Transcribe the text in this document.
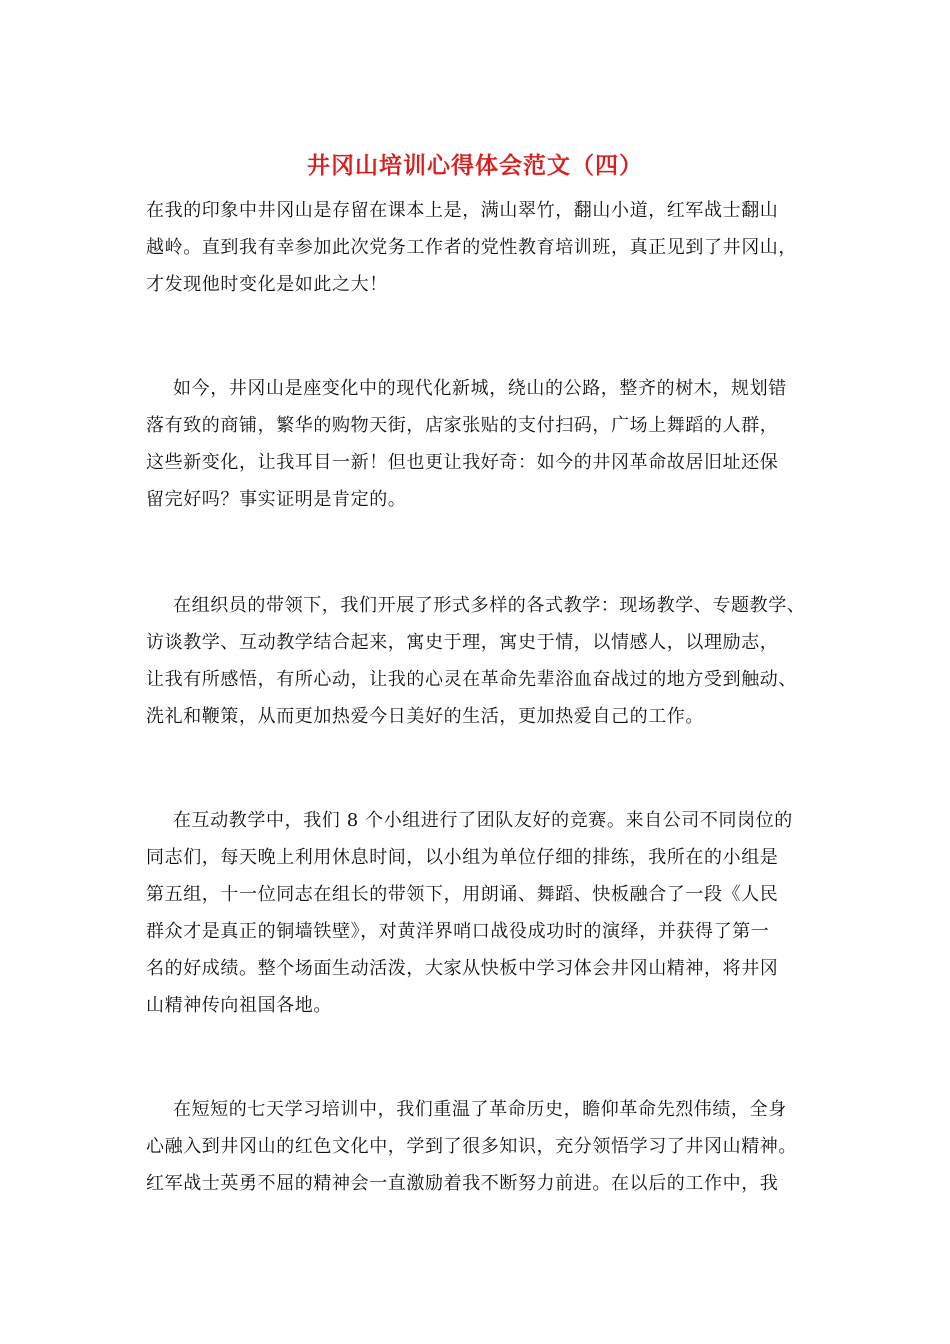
井冈山培训心得体会范文（四）
在我的印象中井冈山是存留在课本上是，满山翠竹，翻山小道，红军战士翻山
越岭。直到我有幸参加此次党务工作者的党性教育培训班，真正见到了井冈山，
才发现他时变化是如此之大！
如今，井冈山是座变化中的现代化新城，绕山的公路，整齐的树木，规划错
落有致的商铺，繁华的购物天街，店家张贴的支付扫码，广场上舞蹈的人群，
这些新变化，让我耳目一新！但也更让我好奇：如今的井冈革命故居旧址还保
留完好吗？事实证明是肯定的。
在组织员的带领下，我们开展了形式多样的各式教学：现场教学、专题教学、
访谈教学、互动教学结合起来，寓史于理，寓史于情，以情感人，以理励志，
让我有所感悟，有所心动，让我的心灵在革命先辈浴血奋战过的地方受到触动、
洗礼和鞭策，从而更加热爱今日美好的生活，更加热爱自己的工作。
在互动教学中，我们 8 个小组进行了团队友好的竞赛。来自公司不同岗位的
同志们，每天晚上利用休息时间，以小组为单位仔细的排练，我所在的小组是
第五组，十一位同志在组长的带领下，用朗诵、舞蹈、快板融合了一段《人民
群众才是真正的铜墙铁壁》，对黄洋界哨口战役成功时的演绎，并获得了第一
名的好成绩。整个场面生动活泼，大家从快板中学习体会井冈山精神，将井冈
山精神传向祖国各地。
在短短的七天学习培训中，我们重温了革命历史，瞻仰革命先烈伟绩，全身
心融入到井冈山的红色文化中，学到了很多知识，充分领悟学习了井冈山精神。
红军战士英勇不屈的精神会一直激励着我不断努力前进。在以后的工作中，我
